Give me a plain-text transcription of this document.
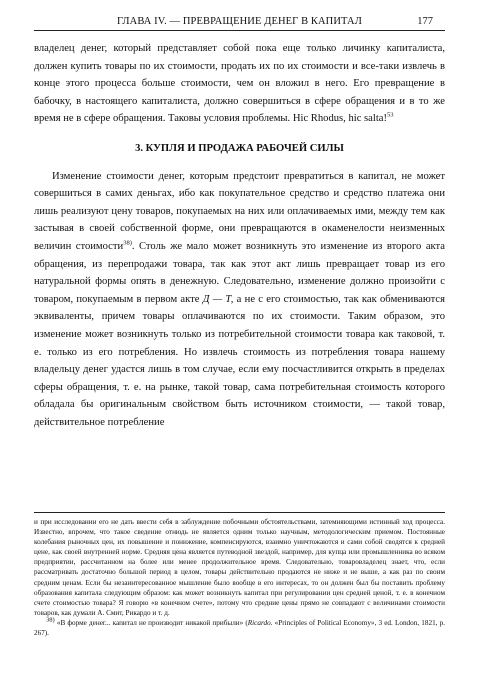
ГЛАВА IV. — ПРЕВРАЩЕНИЕ ДЕНЕГ В КАПИТАЛ	177

владелец денег, который представляет собой пока еще только личинку капиталиста, должен купить товары по их стоимости, продать их по их стоимости и все-таки извлечь в конце этого процесса больше стоимости, чем он вложил в него. Его превращение в бабочку, в настоящего капиталиста, должно совершиться в сфере обращения и в то же время не в сфере обращения. Таковы условия проблемы. Hic Rhodus, hic salta!$^{53}$

3. КУПЛЯ И ПРОДАЖА РАБОЧЕЙ СИЛЫ

Изменение стоимости денег, которым предстоит превратиться в капитал, не может совершиться в самих деньгах, ибо как покупательное средство и средство платежа они лишь реализуют цену товаров, покупаемых на них или оплачиваемых ими, между тем как застывая в своей собственной форме, они превращаются в окаменелости неизменных величин стоимости$^{38)}$. Столь же мало может возникнуть это изменение из второго акта обращения, из перепродажи товара, так как этот акт лишь превращает товар из его натуральной формы опять в денежную. Следовательно, изменение должно произойти с товаром, покупаемым в первом акте Д — Т, а не с его стоимостью, так как обмениваются эквиваленты, причем товары оплачиваются по их стоимости. Таким образом, это изменение может возникнуть только из потребительной стоимости товара как таковой, т. е. только из его потребления. Но извлечь стоимость из потребления товара нашему владельцу денег удастся лишь в том случае, если ему посчастливится открыть в пределах сферы обращения, т. е. на рынке, такой товар, сама потребительная стоимость которого обладала бы оригинальным свойством быть источником стоимости, — такой товар, действительное потребление

и при исследовании его не дать ввести себя в заблуждение побочными обстоятельствами, затемняющими истинный ход процесса. Известно, впрочем, что такое сведение отнюдь не является одним только научным, методологическим приемом. Постоянные колебания рыночных цен, их повышение и понижение, компенсируются, взаимно уничтожаются и сами собой сводятся к средней цене, как своей внутренней норме. Средняя цена является путеводной звездой, например, для купца или промышленника во всяком предприятии, рассчитанном на более или менее продолжительное время. Следовательно, товаровладелец знает, что, если рассматривать достаточно большой период в целом, товары действительно продаются не ниже и не выше, а как раз по своим средним ценам. Если бы незаинтересованное мышление было вообще в его интересах, то он должен был бы поставить проблему образования капитала следующим образом: как может возникнуть капитал при регулировании цен средней ценой, т. е. в конечном счете стоимостью товара? Я говорю «в конечном счете», потому что средние цены прямо не совпадают с величинами стоимости товаров, как думали А. Смит, Рикардо и т. д.

$^{38)}$ «В форме денег... капитал не производит никакой прибыли» (Ricardo. «Principles of Political Economy», 3 ed. London, 1821, p. 267).
